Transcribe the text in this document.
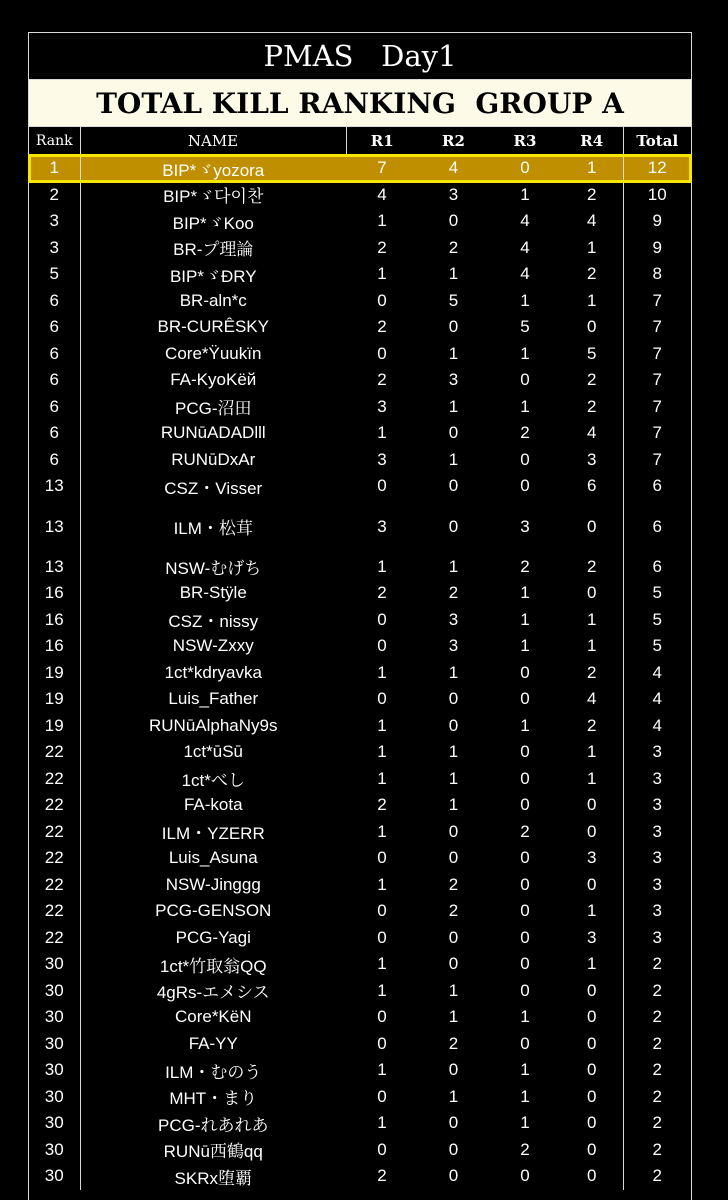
PMAS   Day1
TOTAL KILL RANKING  GROUP A
Rank	NAME	R1	R2	R3	R4	Total
1	BIP*ゞyozora	7	4	0	1	12
2	BIP*ゞ다이찬	4	3	1	2	10
3	BIP*ゞKoo	1	0	4	4	9
3	BR-プ理論	2	2	4	1	9
5	BIP*ゞĐRY	1	1	4	2	8
6	BR-aln*c	0	5	1	1	7
6	BR-CURÊSKY	2	0	5	0	7
6	Core*Ÿuukïn	0	1	1	5	7
6	FA-KyoKëй	2	3	0	2	7
6	PCG-沼田	3	1	1	2	7
6	RUNūADADlll	1	0	2	4	7
6	RUNūDxAr	3	1	0	3	7
13	CSZ・Visser	0	0	0	6	6
13	ILM・松茸	3	0	3	0	6
13	NSW-むげち	1	1	2	2	6
16	BR-Stÿle	2	2	1	0	5
16	CSZ・nissy	0	3	1	1	5
16	NSW-Zxxy	0	3	1	1	5
19	1ct*kdryavka	1	1	0	2	4
19	Luis_Father	0	0	0	4	4
19	RUNūAlphaNy9s	1	0	1	2	4
22	1ct*ūSū	1	1	0	1	3
22	1ct*べし	1	1	0	1	3
22	FA-kota	2	1	0	0	3
22	ILM・YZERR	1	0	2	0	3
22	Luis_Asuna	0	0	0	3	3
22	NSW-Jinggg	1	2	0	0	3
22	PCG-GENSON	0	2	0	1	3
22	PCG-Yagi	0	0	0	3	3
30	1ct*竹取翁QQ	1	0	0	1	2
30	4gRs-エメシス	1	1	0	0	2
30	Core*KëN	0	1	1	0	2
30	FA-YY	0	2	0	0	2
30	ILM・むのう	1	0	1	0	2
30	MHT・まり	0	1	1	0	2
30	PCG-れあれあ	1	0	1	0	2
30	RUNū西鶴qq	0	0	2	0	2
30	SKRx堕覇	2	0	0	0	2
